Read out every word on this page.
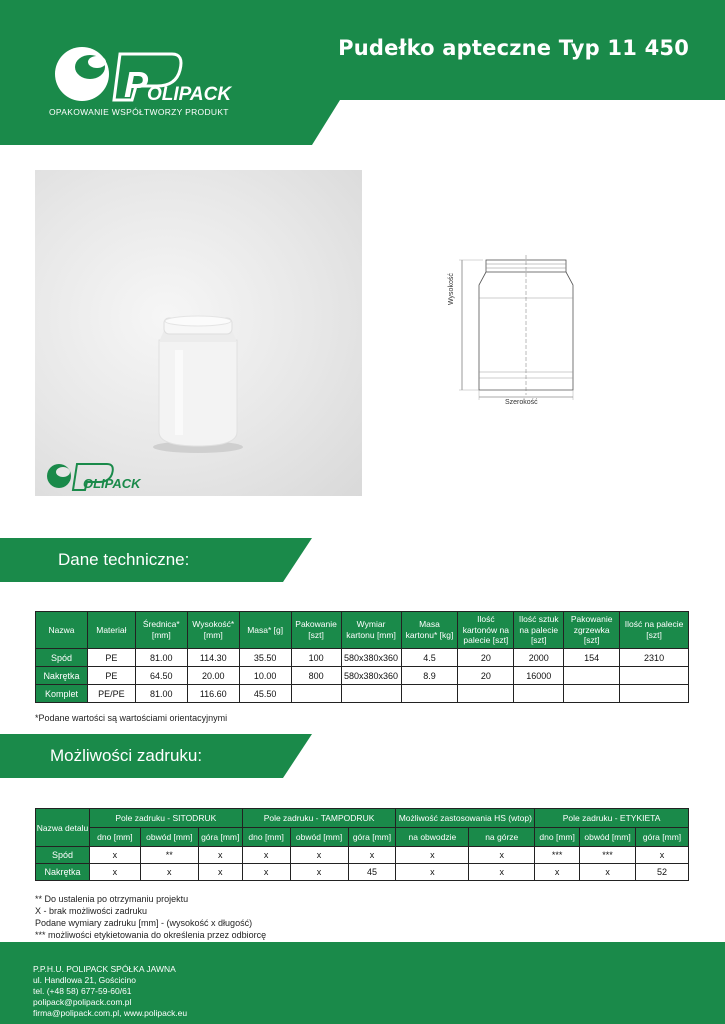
Pudełko apteczne Typ 11 450
P
OLIPACK
OPAKOWANIE WSPÓŁTWORZY PRODUKT
OLIPACK
Wysokość
Szerokość
Dane techniczne:
Nazwa	Materiał	Średnica* [mm]	Wysokość* [mm]	Masa* [g]	Pakowanie [szt]	Wymiar kartonu [mm]	Masa kartonu* [kg]	Ilość kartonów na palecie [szt]	Ilość sztuk na palecie [szt]	Pakowanie zgrzewka [szt]	Ilość na palecie [szt]
Spód	PE	81.00	114.30	35.50	100	580x380x360	4.5	20	2000	154	2310
Nakrętka	PE	64.50	20.00	10.00	800	580x380x360	8.9	20	16000		
Komplet	PE/PE	81.00	116.60	45.50							
*Podane wartości są wartościami orientacyjnymi
Możliwości zadruku:
Nazwa detalu	Pole zadruku - SITODRUK			Pole zadruku - TAMPODRUK			Możliwość zastosowania HS (wtop)		Pole zadruku - ETYKIETA		
	dno [mm]	obwód [mm]	góra [mm]	dno [mm]	obwód [mm]	góra [mm]	na obwodzie	na górze	dno [mm]	obwód [mm]	góra [mm]
Spód	x	**	x	x	x	x	x	x	***	***	x
Nakrętka	x	x	x	x	x	45	x	x	x	x	52
** Do ustalenia po otrzymaniu projektu
X - brak możliwości zadruku
Podane wymiary zadruku [mm] - (wysokość x długość)
*** możliwości etykietowania do określenia przez odbiorcę
P.P.H.U. POLIPACK SPÓŁKA JAWNA
ul. Handlowa 21, Gościcino
tel. (+48 58) 677-59-60/61
polipack@polipack.com.pl
firma@polipack.com.pl, www.polipack.eu
